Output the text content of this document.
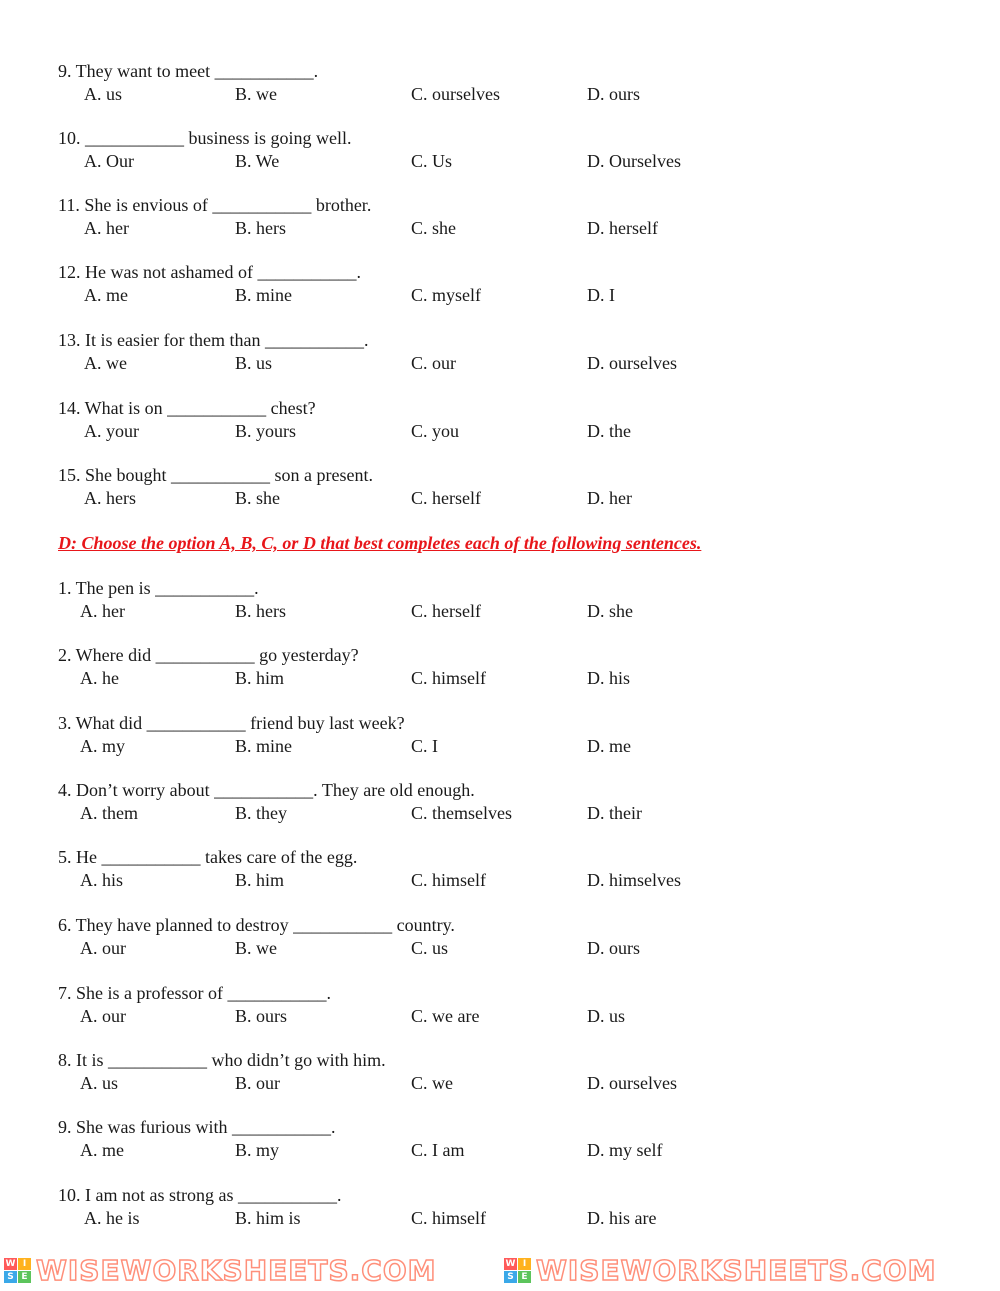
9. They want to meet ___________.
A. us	B. we	C. ourselves	D. ours
10. ___________ business is going well.
A. Our	B. We	C. Us	D. Ourselves
11. She is envious of ___________ brother.
A. her	B. hers	C. she	D. herself
12. He was not ashamed of ___________.
A. me	B. mine	C. myself	D. I
13. It is easier for them than ___________.
A. we	B. us	C. our	D. ourselves
14. What is on ___________ chest?
A. your	B. yours	C. you	D. the
15. She bought ___________ son a present.
A. hers	B. she	C. herself	D. her
D: Choose the option A, B, C, or D that best completes each of the following sentences.
1. The pen is ___________.
A. her	B. hers	C. herself	D. she
2. Where did ___________ go yesterday?
A. he	B. him	C. himself	D. his
3. What did ___________ friend buy last week?
A. my	B. mine	C. I	D. me
4. Don’t worry about ___________. They are old enough.
A. them	B. they	C. themselves	D. their
5. He ___________ takes care of the egg.
A. his	B. him	C. himself	D. himselves
6. They have planned to destroy ___________ country.
A. our	B. we	C. us	D. ours
7. She is a professor of ___________.
A. our	B. ours	C. we are	D. us
8. It is ___________ who didn’t go with him.
A. us	B. our	C. we	D. ourselves
9. She was furious with ___________.
A. me	B. my	C. I am	D. my self
10. I am not as strong as ___________.
A. he is	B. him is	C. himself	D. his are
W I
S E WISEWORKSHEETS.COM	W I
S E WISEWORKSHEETS.COM
